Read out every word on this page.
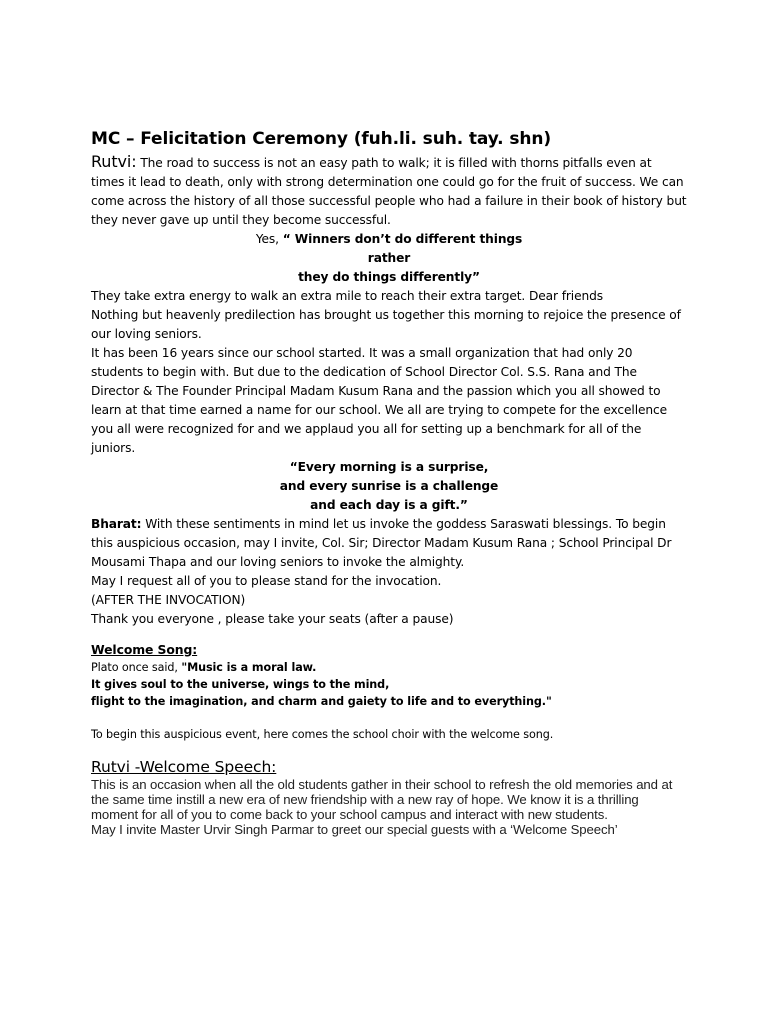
MC – Felicitation Ceremony (fuh.li. suh. tay. shn)

Rutvi: The road to success is not an easy path to walk; it is filled with thorns pitfalls even at times it lead to death, only with strong determination one could go for the fruit of success. We can come across the history of all those successful people who had a failure in their book of history but they never gave up until they become successful.

Yes, “ Winners don’t do different things

rather

they do things differently”

They take extra energy to walk an extra mile to reach their extra target. Dear friends

Nothing but heavenly predilection has brought us together this morning to rejoice the presence of our loving seniors.

It has been 16 years since our school started. It was a small organization that had only 20 students to begin with. But due to the dedication of School Director Col. S.S. Rana and The Director & The Founder Principal Madam Kusum Rana and the passion which you all showed to learn at that time earned a name for our school. We all are trying to compete for the excellence you all were recognized for and we applaud you all for setting up a benchmark for all of the juniors.

“Every morning is a surprise,

and every sunrise is a challenge

and each day is a gift.”

Bharat: With these sentiments in mind let us invoke the goddess Saraswati blessings. To begin this auspicious occasion, may I invite, Col. Sir; Director Madam Kusum Rana ; School Principal Dr Mousami Thapa and our loving seniors to invoke the almighty.

May I request all of you to please stand for the invocation.

(AFTER THE INVOCATION)

Thank you everyone , please take your seats (after a pause)

Welcome Song:

Plato once said, "Music is a moral law.

It gives soul to the universe, wings to the mind,

flight to the imagination, and charm and gaiety to life and to everything."

To begin this auspicious event, here comes the school choir with the welcome song.

Rutvi -Welcome Speech:

This is an occasion when all the old students gather in their school to refresh the old memories and at the same time instill a new era of new friendship with a new ray of hope. We know it is a thrilling moment for all of you to come back to your school campus and interact with new students.

May I invite Master Urvir Singh Parmar to greet our special guests with a ‘Welcome Speech’
